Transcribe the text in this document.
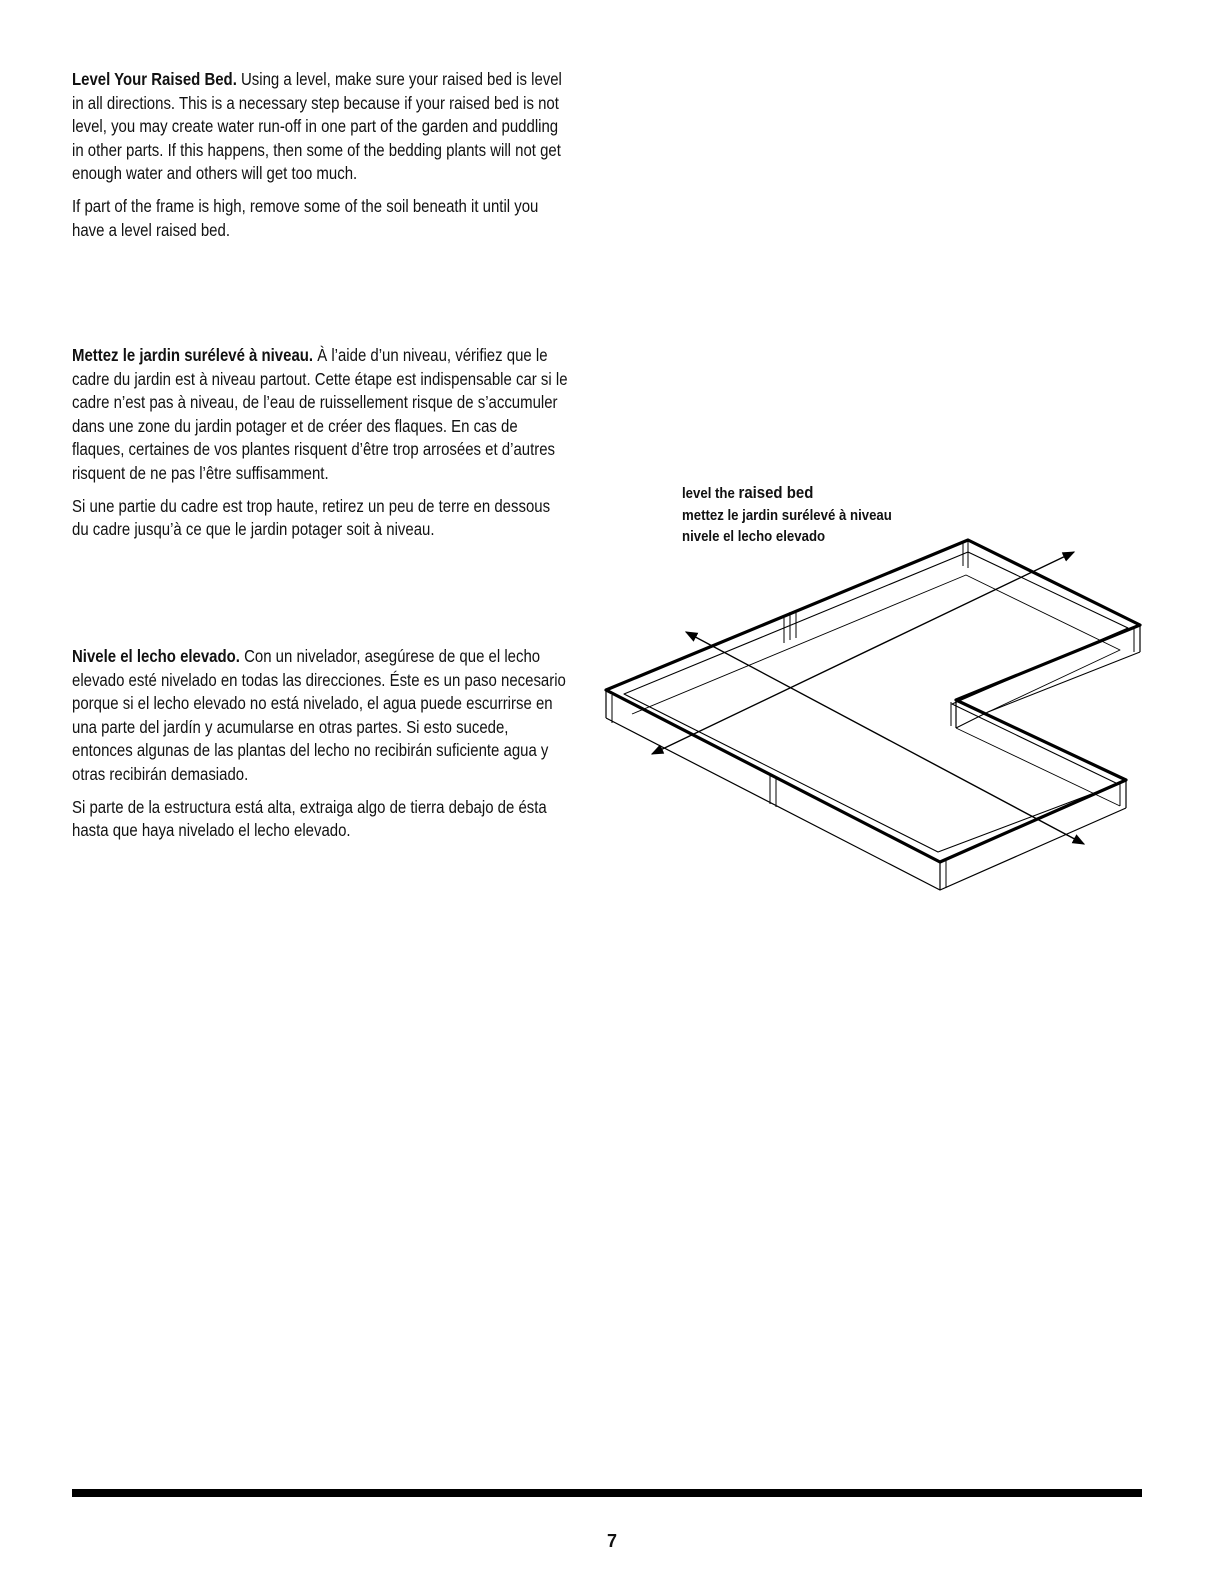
Level Your Raised Bed. Using a level, make sure your raised bed is level in all directions. This is a necessary step because if your raised bed is not level, you may create water run-off in one part of the garden and puddling in other parts. If this happens, then some of the bedding plants will not get enough water and others will get too much.

If part of the frame is high, remove some of the soil beneath it until you have a level raised bed.

Mettez le jardin surélevé à niveau. À l’aide d’un niveau, vérifiez que le cadre du jardin est à niveau partout. Cette étape est indispensable car si le cadre n’est pas à niveau, de l’eau de ruissellement risque de s’accumuler dans une zone du jardin potager et de créer des flaques. En cas de flaques, certaines de vos plantes risquent d’être trop arrosées et d’autres risquent de ne pas l’être suffisamment.

Si une partie du cadre est trop haute, retirez un peu de terre en dessous du cadre jusqu’à ce que le jardin potager soit à niveau.

Nivele el lecho elevado. Con un nivelador, asegúrese de que el lecho elevado esté nivelado en todas las direcciones. Éste es un paso necesario porque si el lecho elevado no está nivelado, el agua puede escurrirse en una parte del jardín y acumularse en otras partes. Si esto sucede, entonces algunas de las plantas del lecho no recibirán suficiente agua y otras recibirán demasiado.

Si parte de la estructura está alta, extraiga algo de tierra debajo de ésta hasta que haya nivelado el lecho elevado.

level the raised bed
mettez le jardin surélevé à niveau
nivele el lecho elevado
7
